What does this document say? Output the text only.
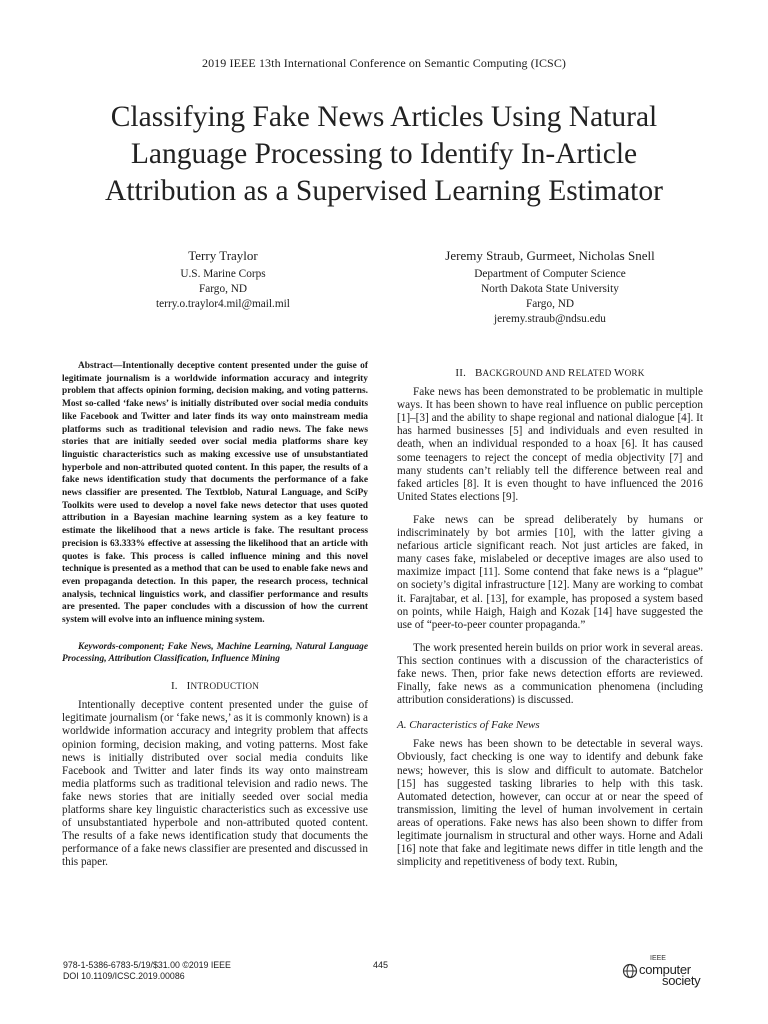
2019 IEEE 13th International Conference on Semantic Computing (ICSC)
Classifying Fake News Articles Using Natural
Language Processing to Identify In-Article
Attribution as a Supervised Learning Estimator
Terry Traylor
U.S. Marine Corps
Fargo, ND
terry.o.traylor4.mil@mail.mil
Jeremy Straub, Gurmeet, Nicholas Snell
Department of Computer Science
North Dakota State University
Fargo, ND
jeremy.straub@ndsu.edu

Abstract—Intentionally deceptive content presented under the guise of legitimate journalism is a worldwide information accuracy and integrity problem that affects opinion forming, decision making, and voting patterns. Most so-called ‘fake news’ is initially distributed over social media conduits like Facebook and Twitter and later finds its way onto mainstream media platforms such as traditional television and radio news. The fake news stories that are initially seeded over social media platforms share key linguistic characteristics such as making excessive use of unsubstantiated hyperbole and non-attributed quoted content. In this paper, the results of a fake news identification study that documents the performance of a fake news classifier are presented. The Textblob, Natural Language, and SciPy Toolkits were used to develop a novel fake news detector that uses quoted attribution in a Bayesian machine learning system as a key feature to estimate the likelihood that a news article is fake. The resultant process precision is 63.333% effective at assessing the likelihood that an article with quotes is fake. This process is called influence mining and this novel technique is presented as a method that can be used to enable fake news and even propaganda detection. In this paper, the research process, technical analysis, technical linguistics work, and classifier performance and results are presented. The paper concludes with a discussion of how the current system will evolve into an influence mining system.

Keywords-component; Fake News, Machine Learning, Natural Language Processing, Attribution Classification, Influence Mining

I. INTRODUCTION

Intentionally deceptive content presented under the guise of legitimate journalism (or ‘fake news,’ as it is commonly known) is a worldwide information accuracy and integrity problem that affects opinion forming, decision making, and voting patterns. Most fake news is initially distributed over social media conduits like Facebook and Twitter and later finds its way onto mainstream media platforms such as traditional television and radio news. The fake news stories that are initially seeded over social media platforms share key linguistic characteristics such as excessive use of unsubstantiated hyperbole and non-attributed quoted content. The results of a fake news identification study that documents the performance of a fake news classifier are presented and discussed in this paper.

II. BACKGROUND AND RELATED WORK

Fake news has been demonstrated to be problematic in multiple ways. It has been shown to have real influence on public perception [1]–[3] and the ability to shape regional and national dialogue [4]. It has harmed businesses [5] and individuals and even resulted in death, when an individual responded to a hoax [6]. It has caused some teenagers to reject the concept of media objectivity [7] and many students can’t reliably tell the difference between real and faked articles [8]. It is even thought to have influenced the 2016 United States elections [9].

Fake news can be spread deliberately by humans or indiscriminately by bot armies [10], with the latter giving a nefarious article significant reach. Not just articles are faked, in many cases fake, mislabeled or deceptive images are also used to maximize impact [11]. Some contend that fake news is a “plague” on society’s digital infrastructure [12]. Many are working to combat it. Farajtabar, et al. [13], for example, has proposed a system based on points, while Haigh, Haigh and Kozak [14] have suggested the use of “peer-to-peer counter propaganda.”

The work presented herein builds on prior work in several areas. This section continues with a discussion of the characteristics of fake news. Then, prior fake news detection efforts are reviewed. Finally, fake news as a communication phenomena (including attribution considerations) is discussed.

A. Characteristics of Fake News

Fake news has been shown to be detectable in several ways. Obviously, fact checking is one way to identify and debunk fake news; however, this is slow and difficult to automate. Batchelor [15] has suggested tasking libraries to help with this task. Automated detection, however, can occur at or near the speed of transmission, limiting the level of human involvement in certain areas of operations. Fake news has also been shown to differ from legitimate journalism in structural and other ways. Horne and Adali [16] note that fake and legitimate news differ in title length and the simplicity and repetitiveness of body text. Rubin,

978-1-5386-6783-5/19/$31.00 ©2019 IEEE
DOI 10.1109/ICSC.2019.00086
445
IEEE
computer
society
